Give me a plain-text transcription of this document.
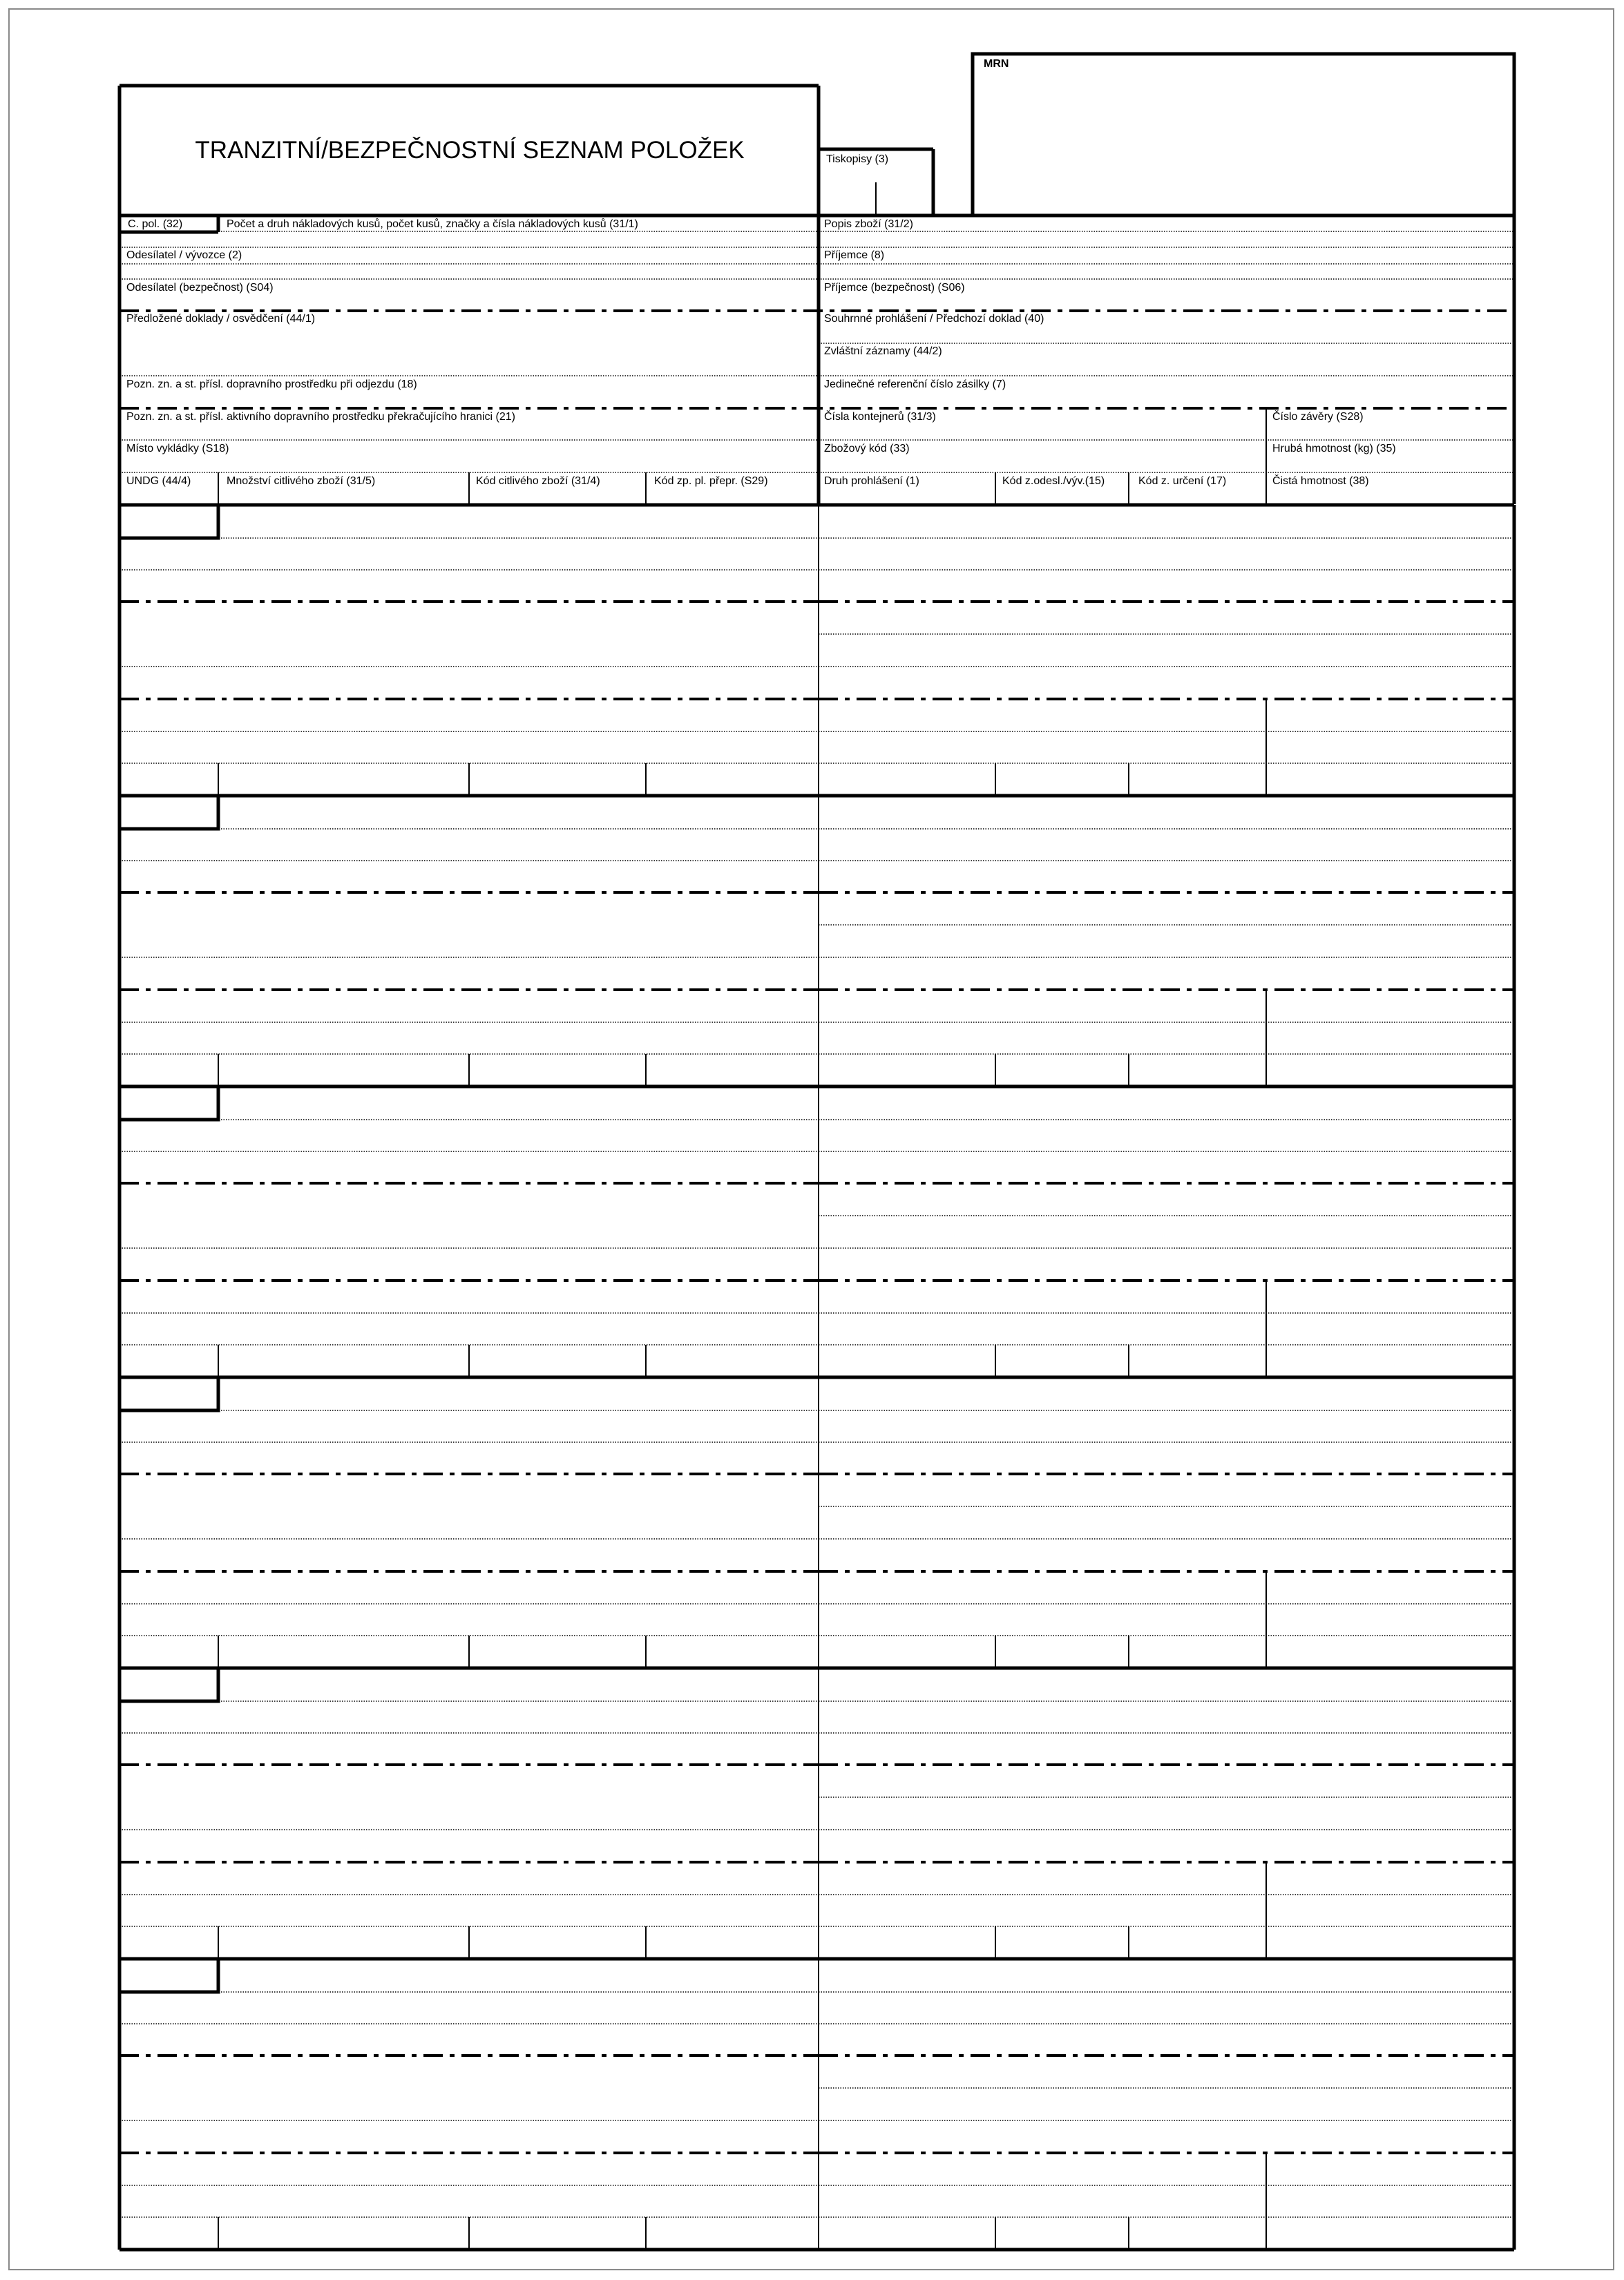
TRANZITNÍ/BEZPEČNOSTNÍ SEZNAM POLOŽEK
MRN
Tiskopisy (3)
C. pol. (32)	Počet a druh nákladových kusů, počet kusů, značky a čísla nákladových kusů (31/1)	Popis zboží (31/2)
Odesílatel / vývozce (2)	Příjemce (8)
Odesílatel (bezpečnost) (S04)	Příjemce (bezpečnost) (S06)
Předložené doklady / osvědčení (44/1)	Souhrnné prohlášení / Předchozí doklad (40)
Zvláštní záznamy (44/2)
Pozn. zn. a st. přísl. dopravního prostředku při odjezdu (18)	Jedinečné referenční číslo zásilky (7)
Pozn. zn. a st. přísl. aktivního dopravního prostředku překračujícího hranici (21)	Čísla kontejnerů (31/3)	Číslo závěry (S28)
Místo vykládky (S18)	Zbožový kód (33)	Hrubá hmotnost (kg) (35)
UNDG (44/4)	Množství citlivého zboží (31/5)	Kód citlivého zboží (31/4)	Kód zp. pl. přepr. (S29)	Druh prohlášení (1)	Kód z.odesl./výv.(15)	Kód z. určení (17)	Čistá hmotnost (38)
